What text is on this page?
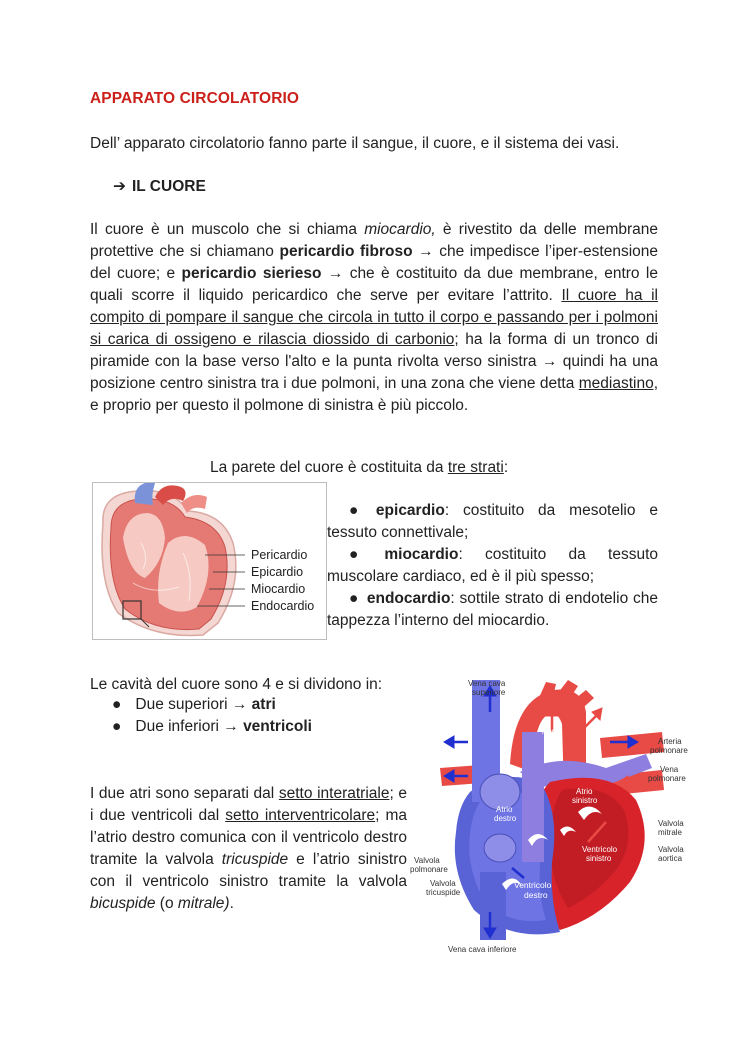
APPARATO CIRCOLATORIO
Dell’ apparato circolatorio fanno parte il sangue, il cuore, e il sistema dei vasi.
➔ IL CUORE
Il cuore è un muscolo che si chiama miocardio, è rivestito da delle membrane protettive che si chiamano pericardio fibroso → che impedisce l’iper-estensione del cuore; e pericardio sierieso → che è costituito da due membrane, entro le quali scorre il liquido pericardico che serve per evitare l’attrito. Il cuore ha il compito di pompare il sangue che circola in tutto il corpo e passando per i polmoni si carica di ossigeno e rilascia diossido di carbonio; ha la forma di un tronco di piramide con la base verso l'alto e la punta rivolta verso sinistra → quindi ha una posizione centro sinistra tra i due polmoni, in una zona che viene detta mediastino, e proprio per questo il polmone di sinistra è più piccolo.
La parete del cuore è costituita da tre strati:
Pericardio
Epicardio
Miocardio
Endocardio
● epicardio: costituito da mesotelio e tessuto connettivale;
● miocardio: costituito da tessuto muscolare cardiaco, ed è il più spesso;
● endocardio: sottile strato di endotelio che tappezza l’interno del miocardio.
Le cavità del cuore sono 4 e si dividono in:
● Due superiori → atri
● Due inferiori → ventricoli
I due atri sono separati dal setto interatriale; e i due ventricoli dal setto interventricolare; ma l’atrio destro comunica con il ventricolo destro tramite la valvola tricuspide e l’atrio sinistro con il ventricolo sinistro tramite la valvola bicuspide (o mitrale).
Vena cava
superiore
Aorta
Arteria
polmonare
Vena
polmonare
Atrio
sinistro
Atrio
destro
Valvola
mitrale
Valvola
aortica
Ventricolo
sinistro
Valvola
polmonare
Valvola
tricuspide
Ventricolo
destro
Vena cava inferiore
